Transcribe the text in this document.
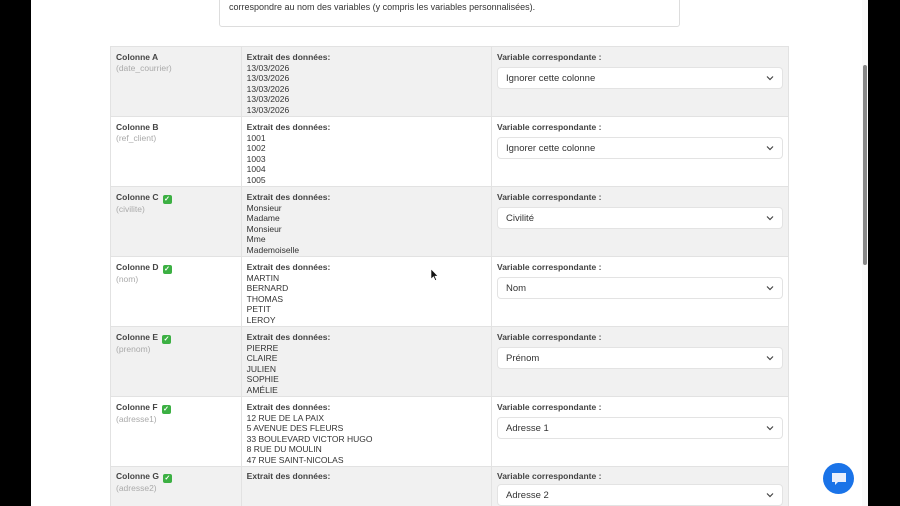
correspondre au nom des variables (y compris les variables personnalisées).
Colonne A
(date_courrier)
Extrait des données:
13/03/2026
13/03/2026
13/03/2026
13/03/2026
13/03/2026
Variable correspondante :
Ignorer cette colonne
Colonne B
(ref_client)
Extrait des données:
1001
1002
1003
1004
1005
Variable correspondante :
Ignorer cette colonne
Colonne C ✓
(civilite)
Extrait des données:
Monsieur
Madame
Monsieur
Mme
Mademoiselle
Variable correspondante :
Civilité
Colonne D ✓
(nom)
Extrait des données:
MARTIN
BERNARD
THOMAS
PETIT
LEROY
Variable correspondante :
Nom
Colonne E ✓
(prenom)
Extrait des données:
PIERRE
CLAIRE
JULIEN
SOPHIE
AMÉLIE
Variable correspondante :
Prénom
Colonne F ✓
(adresse1)
Extrait des données:
12 RUE DE LA PAIX
5 AVENUE DES FLEURS
33 BOULEVARD VICTOR HUGO
8 RUE DU MOULIN
47 RUE SAINT-NICOLAS
Variable correspondante :
Adresse 1
Colonne G ✓
(adresse2)
Extrait des données:	Variable correspondante :
Adresse 2
